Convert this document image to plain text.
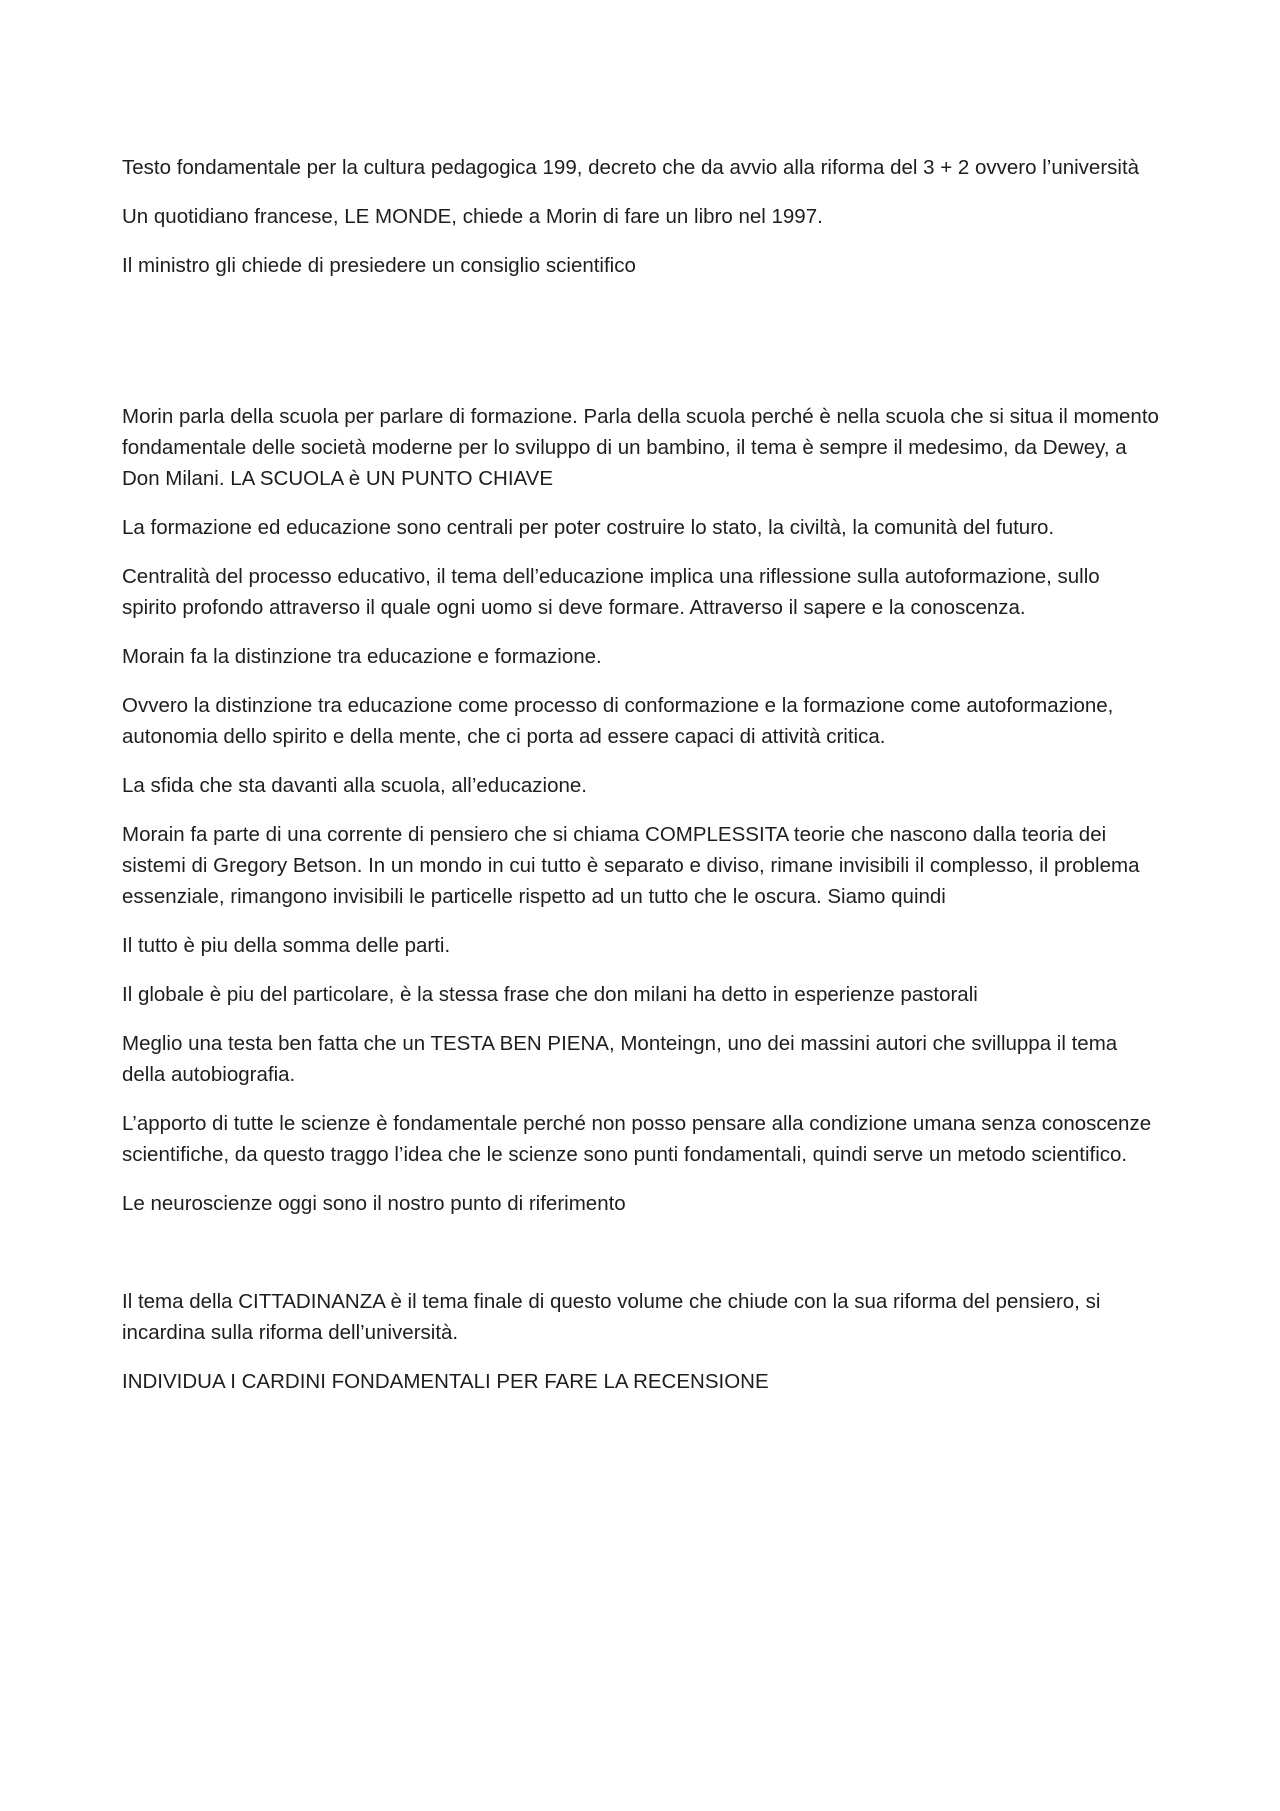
Testo fondamentale per la cultura pedagogica 199, decreto che da avvio alla riforma del 3 + 2 ovvero l’università

Un quotidiano francese, LE MONDE, chiede a Morin di fare un libro nel 1997.

Il ministro gli chiede di presiedere un consiglio scientifico

Morin parla della scuola per parlare di formazione. Parla della scuola perché è nella scuola che si situa il momento fondamentale delle società moderne per lo sviluppo di un bambino, il tema è sempre il medesimo, da Dewey, a Don Milani. LA SCUOLA è UN PUNTO CHIAVE

La formazione ed educazione sono centrali per poter costruire lo stato, la civiltà, la comunità del futuro.

Centralità del processo educativo, il tema dell’educazione implica una riflessione sulla autoformazione, sullo spirito profondo attraverso il quale ogni uomo si deve formare. Attraverso il sapere e la conoscenza.

Morain fa la distinzione tra educazione e formazione.

Ovvero la distinzione tra educazione come processo di conformazione e la formazione come autoformazione, autonomia dello spirito e della mente, che ci porta ad essere capaci di attività critica.

La sfida che sta davanti alla scuola, all’educazione.

Morain fa parte di una corrente di pensiero che si chiama COMPLESSITA teorie che nascono dalla teoria dei sistemi di Gregory Betson. In un mondo in cui tutto è separato e diviso, rimane invisibili il complesso, il problema essenziale, rimangono invisibili le particelle rispetto ad un tutto che le oscura. Siamo quindi

Il tutto è piu della somma delle parti.

Il globale è piu del particolare, è la stessa frase che don milani ha detto in esperienze pastorali

Meglio una testa ben fatta che un TESTA BEN PIENA, Monteingn, uno dei massini autori che svilluppa il tema della autobiografia.

L’apporto di tutte le scienze è fondamentale perché non posso pensare alla condizione umana senza conoscenze scientifiche, da questo traggo l’idea che le scienze sono punti fondamentali, quindi serve un metodo scientifico.

Le neuroscienze oggi sono il nostro punto di riferimento

Il tema della CITTADINANZA è il tema finale di questo volume che chiude con la sua riforma del pensiero, si incardina sulla riforma dell’università.

INDIVIDUA I CARDINI FONDAMENTALI PER FARE LA RECENSIONE
